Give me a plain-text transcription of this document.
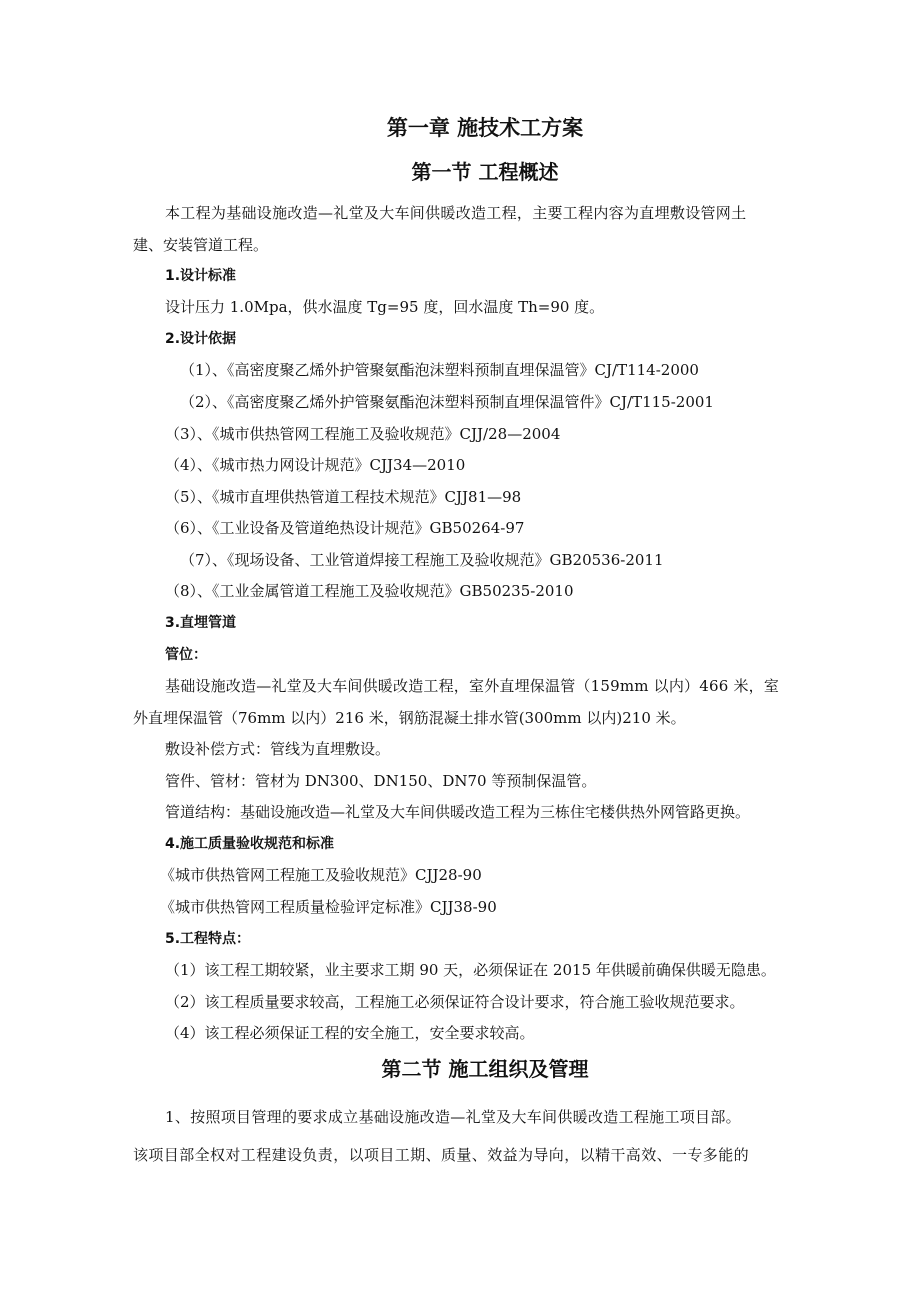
第一章 施技术工方案
第一节 工程概述
本工程为基础设施改造—礼堂及大车间供暖改造工程，主要工程内容为直埋敷设管网土
建、安装管道工程。
1.设计标准
设计压力 1.0Mpa，供水温度 Tg=95 度，回水温度 Th=90 度。
2.设计依据
（1）、《高密度聚乙烯外护管聚氨酯泡沫塑料预制直埋保温管》CJ/T114-2000
（2）、《高密度聚乙烯外护管聚氨酯泡沫塑料预制直埋保温管件》CJ/T115-2001
（3）、《城市供热管网工程施工及验收规范》CJJ/28—2004
（4）、《城市热力网设计规范》CJJ34—2010
（5）、《城市直埋供热管道工程技术规范》CJJ81—98
（6）、《工业设备及管道绝热设计规范》GB50264-97
（7）、《现场设备、工业管道焊接工程施工及验收规范》GB20536-2011
（8）、《工业金属管道工程施工及验收规范》GB50235-2010
3.直埋管道
管位：
基础设施改造—礼堂及大车间供暖改造工程，室外直埋保温管（159mm 以内）466 米，室
外直埋保温管（76mm 以内）216 米，钢筋混凝土排水管(300mm 以内)210 米。
敷设补偿方式：管线为直埋敷设。
管件、管材：管材为 DN300、DN150、DN70 等预制保温管。
管道结构：基础设施改造—礼堂及大车间供暖改造工程为三栋住宅楼供热外网管路更换。
4.施工质量验收规范和标准
《城市供热管网工程施工及验收规范》CJJ28-90
《城市供热管网工程质量检验评定标准》CJJ38-90
5.工程特点：
（1）该工程工期较紧，业主要求工期 90 天，必须保证在 2015 年供暖前确保供暖无隐患。
（2）该工程质量要求较高，工程施工必须保证符合设计要求，符合施工验收规范要求。
（4）该工程必须保证工程的安全施工，安全要求较高。
第二节 施工组织及管理
1、按照项目管理的要求成立基础设施改造—礼堂及大车间供暖改造工程施工项目部。
该项目部全权对工程建设负责，以项目工期、质量、效益为导向，以精干高效、一专多能的
